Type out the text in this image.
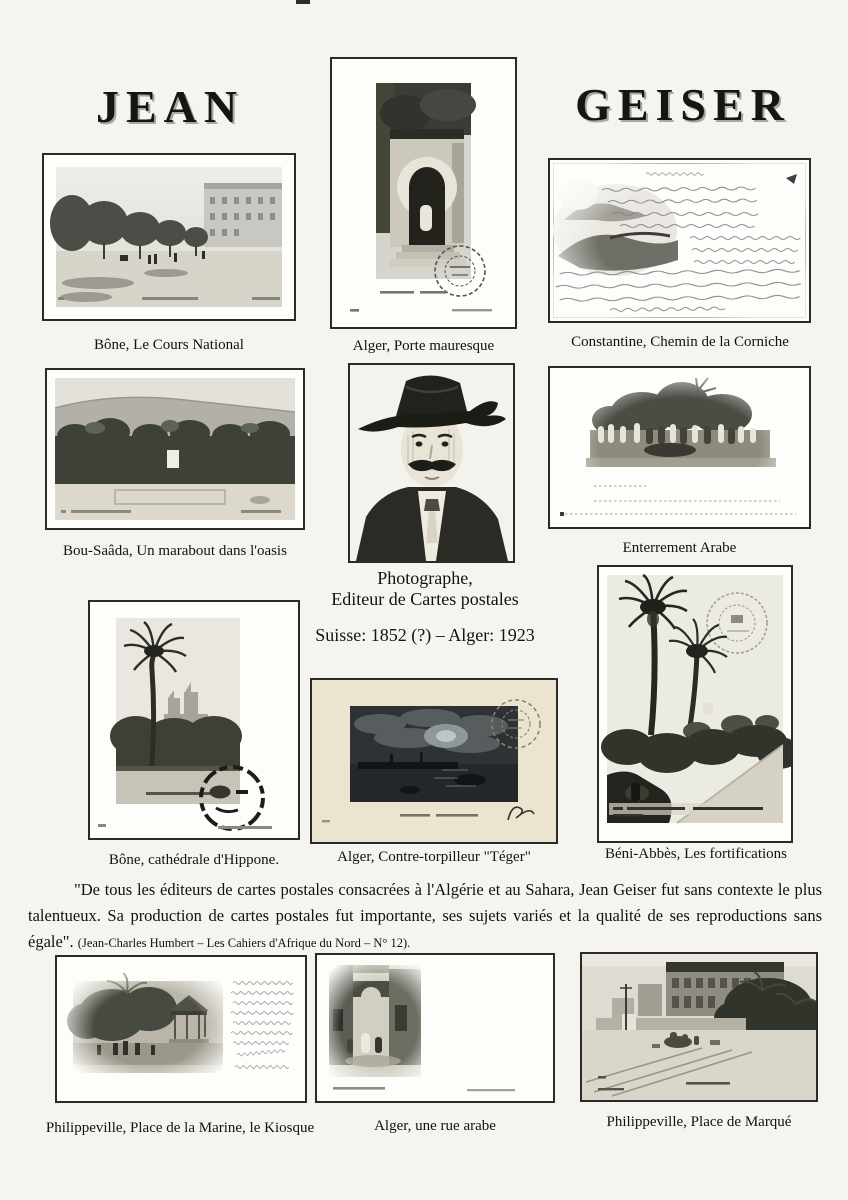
JEAN	GEISER
Bône, Le Cours National	Alger, Porte mauresque	Constantine, Chemin de la Corniche
Bou-Saâda, Un marabout dans l'oasis	Enterrement Arabe
Photographe,
Editeur de Cartes postales
Suisse: 1852 (?) – Alger: 1923
Bône, cathédrale d'Hippone.	Alger, Contre-torpilleur "Téger"	Béni-Abbès, Les fortifications
"De tous les éditeurs de cartes postales consacrées à l'Algérie et au Sahara, Jean Geiser fut sans contexte le plus talentueux. Sa production de cartes postales fut importante, ses sujets variés et la qualité de ses reproductions sans égale". (Jean-Charles Humbert – Les Cahiers d'Afrique du Nord – N° 12).
Philippeville, Place de la Marine, le Kiosque	Alger, une rue arabe	Philippeville, Place de Marqué
